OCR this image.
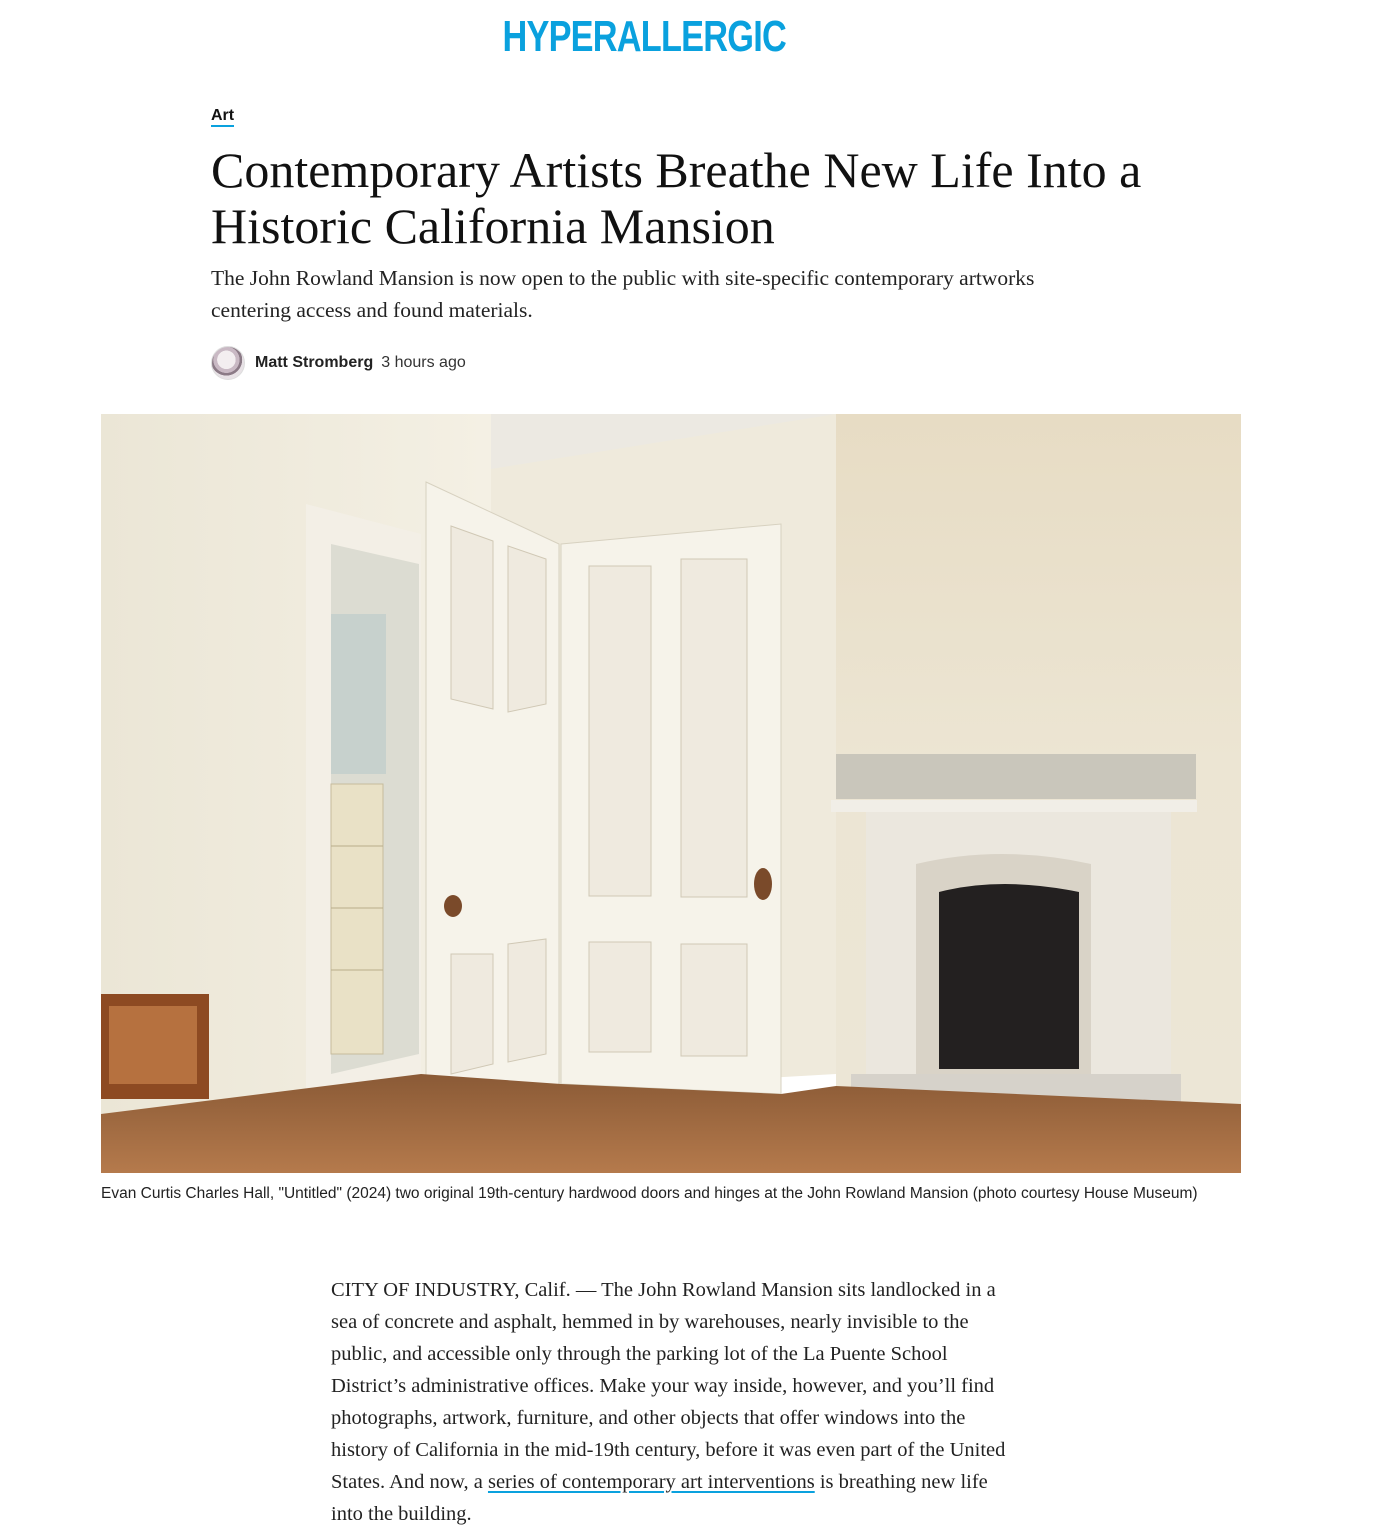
HYPERALLERGIC
Art
Contemporary Artists Breathe New Life Into a Historic California Mansion

The John Rowland Mansion is now open to the public with site-specific contemporary artworks centering access and found materials.

Matt Stromberg 3 hours ago

Evan Curtis Charles Hall, "Untitled" (2024) two original 19th-century hardwood doors and hinges at the John Rowland Mansion (photo courtesy House Museum)

CITY OF INDUSTRY, Calif. — The John Rowland Mansion sits landlocked in a sea of concrete and asphalt, hemmed in by warehouses, nearly invisible to the public, and accessible only through the parking lot of the La Puente School District’s administrative offices. Make your way inside, however, and you’ll find photographs, artwork, furniture, and other objects that offer windows into the history of California in the mid-19th century, before it was even part of the United States. And now, a series of contemporary art interventions is breathing new life into the building.
